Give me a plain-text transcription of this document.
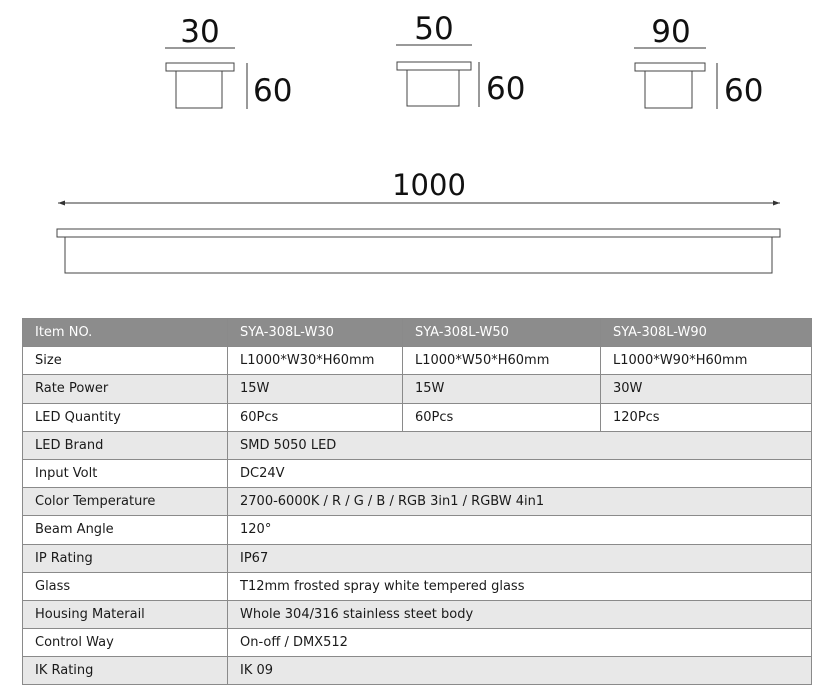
30
60
50
60
90
60
1000
Item NO.	SYA-308L-W30	SYA-308L-W50	SYA-308L-W90
Size	L1000*W30*H60mm	L1000*W50*H60mm	L1000*W90*H60mm
Rate Power	15W	15W	30W
LED Quantity	60Pcs	60Pcs	120Pcs
LED Brand	SMD 5050 LED		
Input Volt	DC24V		
Color Temperature	2700-6000K / R / G / B / RGB 3in1 / RGBW 4in1		
Beam Angle	120°		
IP Rating	IP67		
Glass	T12mm frosted spray white tempered glass		
Housing Materail	Whole 304/316 stainless steet body		
Control Way	On-off / DMX512		
IK Rating	IK 09		
